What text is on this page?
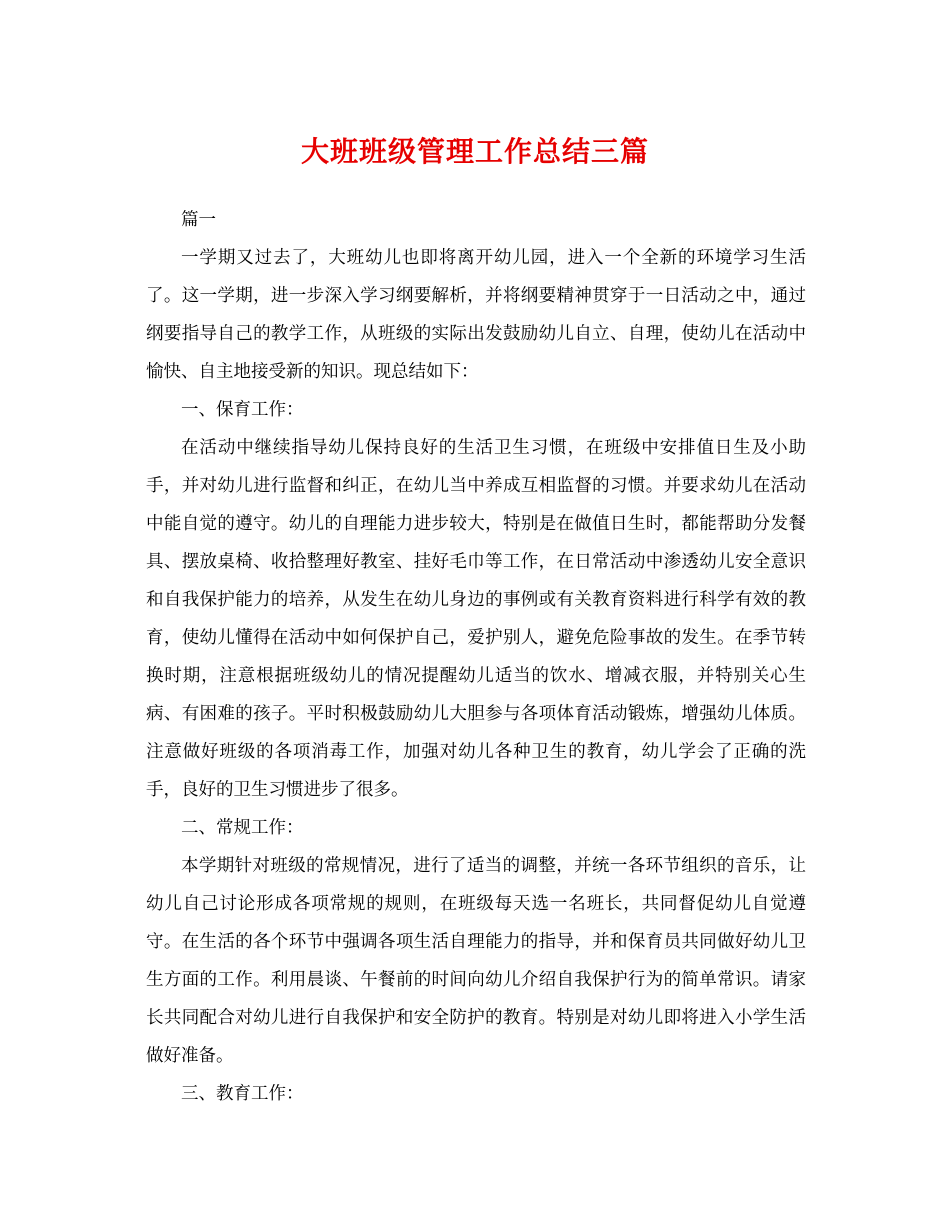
大班班级管理工作总结三篇

篇一

一学期又过去了，大班幼儿也即将离开幼儿园，进入一个全新的环境学习生活了。这一学期，进一步深入学习纲要解析，并将纲要精神贯穿于一日活动之中，通过纲要指导自己的教学工作，从班级的实际出发鼓励幼儿自立、自理，使幼儿在活动中愉快、自主地接受新的知识。现总结如下：

一、保育工作：

在活动中继续指导幼儿保持良好的生活卫生习惯，在班级中安排值日生及小助手，并对幼儿进行监督和纠正，在幼儿当中养成互相监督的习惯。并要求幼儿在活动中能自觉的遵守。幼儿的自理能力进步较大，特别是在做值日生时，都能帮助分发餐具、摆放桌椅、收拾整理好教室、挂好毛巾等工作，在日常活动中渗透幼儿安全意识和自我保护能力的培养，从发生在幼儿身边的事例或有关教育资料进行科学有效的教育，使幼儿懂得在活动中如何保护自己，爱护别人，避免危险事故的发生。在季节转换时期，注意根据班级幼儿的情况提醒幼儿适当的饮水、增减衣服，并特别关心生病、有困难的孩子。平时积极鼓励幼儿大胆参与各项体育活动锻炼，增强幼儿体质。注意做好班级的各项消毒工作，加强对幼儿各种卫生的教育，幼儿学会了正确的洗手，良好的卫生习惯进步了很多。

二、常规工作：

本学期针对班级的常规情况，进行了适当的调整，并统一各环节组织的音乐，让幼儿自己讨论形成各项常规的规则，在班级每天选一名班长，共同督促幼儿自觉遵守。在生活的各个环节中强调各项生活自理能力的指导，并和保育员共同做好幼儿卫生方面的工作。利用晨谈、午餐前的时间向幼儿介绍自我保护行为的简单常识。请家长共同配合对幼儿进行自我保护和安全防护的教育。特别是对幼儿即将进入小学生活做好准备。

三、教育工作：
